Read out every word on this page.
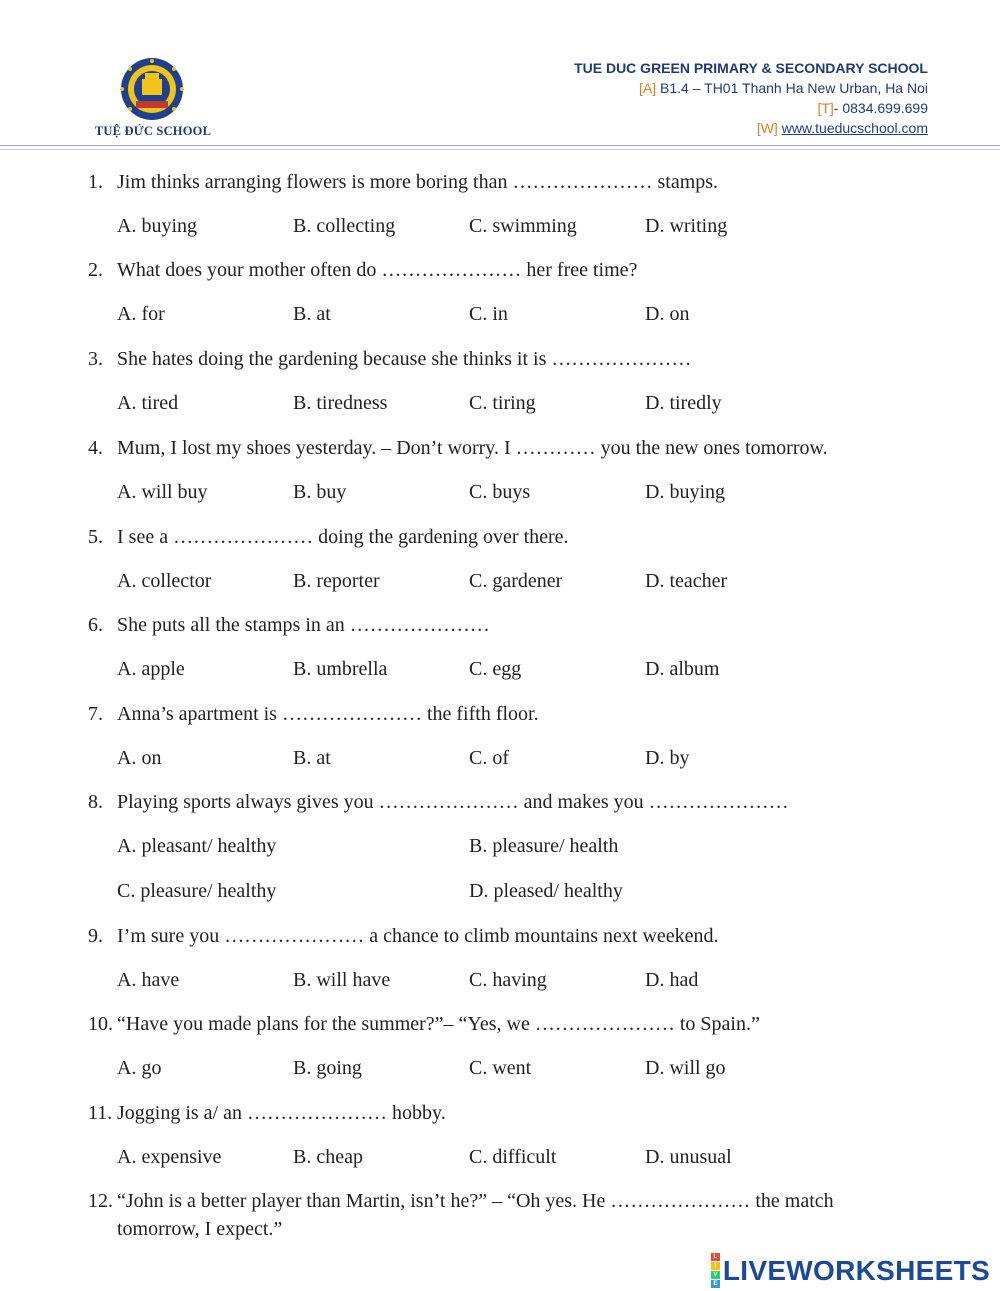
TUỆ ĐỨC SCHOOL
TUE DUC GREEN PRIMARY & SECONDARY SCHOOL
[A] B1.4 – TH01 Thanh Ha New Urban, Ha Noi
[T]- 0834.699.699
[W] www.tueducschool.com
1. Jim thinks arranging flowers is more boring than ………………… stamps.
A. buying	B. collecting	C. swimming	D. writing
2. What does your mother often do ………………… her free time?
A. for	B. at	C. in	D. on
3. She hates doing the gardening because she thinks it is …………………
A. tired	B. tiredness	C. tiring	D. tiredly
4. Mum, I lost my shoes yesterday. – Don’t worry. I ………… you the new ones tomorrow.
A. will buy	B. buy	C. buys	D. buying
5. I see a ………………… doing the gardening over there.
A. collector	B. reporter	C. gardener	D. teacher
6. She puts all the stamps in an …………………
A. apple	B. umbrella	C. egg	D. album
7. Anna’s apartment is ………………… the fifth floor.
A. on	B. at	C. of	D. by
8. Playing sports always gives you ………………… and makes you …………………
A. pleasant/ healthy	B. pleasure/ health
C. pleasure/ healthy	D. pleased/ healthy
9. I’m sure you ………………… a chance to climb mountains next weekend.
A. have	B. will have	C. having	D. had
10. “Have you made plans for the summer?”– “Yes, we ………………… to Spain.”
A. go	B. going	C. went	D. will go
11. Jogging is a/ an ………………… hobby.
A. expensive	B. cheap	C. difficult	D. unusual
12. “John is a better player than Martin, isn’t he?” – “Oh yes. He ………………… the match
tomorrow, I expect.”
L
I
V
E LIVEWORKSHEETS
